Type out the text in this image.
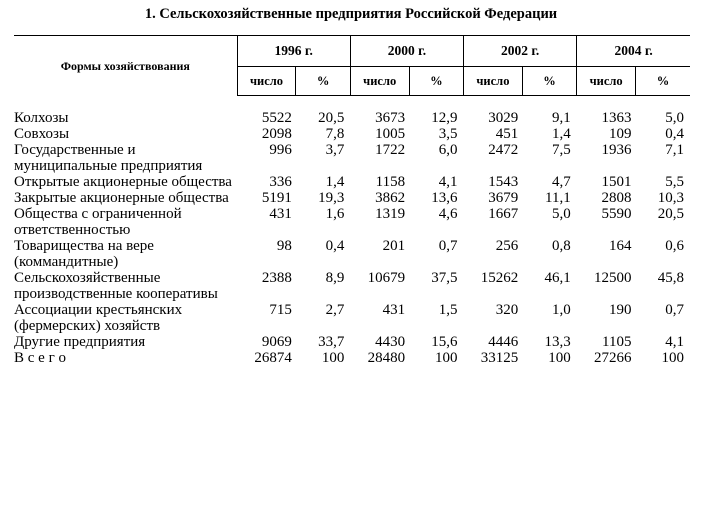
1. Сельскохозяйственные предприятия Российской Федерации
Формы хозяйствования	1996 г.		2000 г.		2002 г.		2004 г.	
	число	%	число	%	число	%	число	%
Колхозы	5522	20,5	3673	12,9	3029	9,1	1363	5,0
Совхозы	2098	7,8	1005	3,5	451	1,4	109	0,4
Государственные и муниципальные предприятия	996	3,7	1722	6,0	2472	7,5	1936	7,1
Открытые акционерные общества	336	1,4	1158	4,1	1543	4,7	1501	5,5
Закрытые акционерные общества	5191	19,3	3862	13,6	3679	11,1	2808	10,3
Общества с ограниченной ответственностью	431	1,6	1319	4,6	1667	5,0	5590	20,5
Товарищества на вере (коммандитные)	98	0,4	201	0,7	256	0,8	164	0,6
Сельскохозяйственные производственные кооперативы	2388	8,9	10679	37,5	15262	46,1	12500	45,8
Ассоциации крестьянских (фермерских) хозяйств	715	2,7	431	1,5	320	1,0	190	0,7
Другие предприятия	9069	33,7	4430	15,6	4446	13,3	1105	4,1
В с е г о	26874	100	28480	100	33125	100	27266	100
